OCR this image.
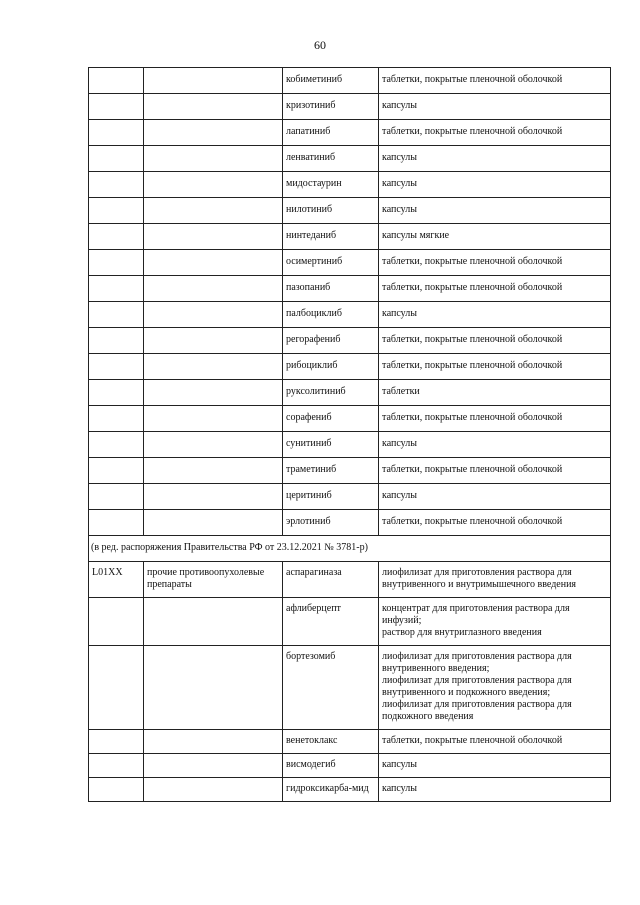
60
		кобиметиниб	таблетки, покрытые пленочной оболочкой
		кризотиниб	капсулы
		лапатиниб	таблетки, покрытые пленочной оболочкой
		ленватиниб	капсулы
		мидостаурин	капсулы
		нилотиниб	капсулы
		нинтеданиб	капсулы мягкие
		осимертиниб	таблетки, покрытые пленочной оболочкой
		пазопаниб	таблетки, покрытые пленочной оболочкой
		палбоциклиб	капсулы
		регорафениб	таблетки, покрытые пленочной оболочкой
		рибоциклиб	таблетки, покрытые пленочной оболочкой
		руксолитиниб	таблетки
		сорафениб	таблетки, покрытые пленочной оболочкой
		сунитиниб	капсулы
		траметиниб	таблетки, покрытые пленочной оболочкой
		церитиниб	капсулы
		эрлотиниб	таблетки, покрытые пленочной оболочкой
(в ред. распоряжения Правительства РФ от 23.12.2021 № 3781-р)			
L01XX	прочие противоопухолевые препараты	аспарагиназа	лиофилизат для приготовления раствора для внутривенного и внутримышечного введения

		афлиберцепт	концентрат для приготовления раствора для инфузий;
раствор для внутриглазного введения

		бортезомиб	лиофилизат для приготовления раствора для внутривенного введения;
лиофилизат для приготовления раствора для внутривенного и подкожного введения;
лиофилизат для приготовления раствора для подкожного введения

		венетоклакс	таблетки, покрытые пленочной оболочкой

		висмодегиб	капсулы

		гидроксикарба-мид	капсулы
